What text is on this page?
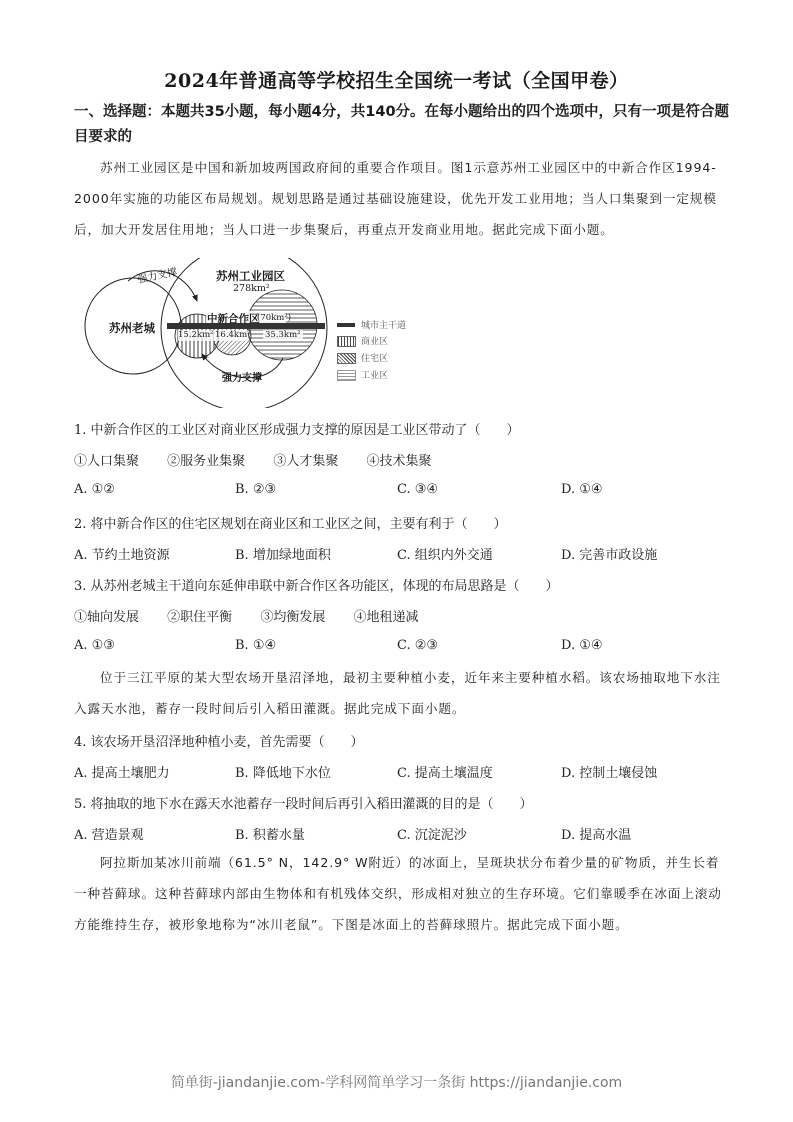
2024年普通高等学校招生全国统一考试（全国甲卷）
一、选择题：本题共35小题，每小题4分，共140分。在每小题给出的四个选项中，只有一项是符合题目要求的
苏州工业园区是中国和新加坡两国政府间的重要合作项目。图1示意苏州工业园区中的中新合作区1994-2000年实施的功能区布局规划。规划思路是通过基础设施建设，优先开发工业用地；当人口集聚到一定规模后，加大开发居住用地；当人口进一步集聚后，再重点开发商业用地。据此完成下面小题。
强力支撑
苏州老城
苏州工业园区
278km²
中新合作区
(70km²)
15.2km² 16.4km² 35.3km²
强力支撑
城市主干道
商业区
住宅区
工业区
1. 中新合作区的工业区对商业区形成强力支撑的原因是工业区带动了（　　）
①人口集聚 ②服务业集聚 ③人才集聚 ④技术集聚
A. ①②	B. ②③	C. ③④	D. ①④
2. 将中新合作区的住宅区规划在商业区和工业区之间，主要有利于（　　）
A. 节约土地资源	B. 增加绿地面积	C. 组织内外交通	D. 完善市政设施
3. 从苏州老城主干道向东延伸串联中新合作区各功能区，体现的布局思路是（　　）
①轴向发展 ②职住平衡 ③均衡发展 ④地租递减
A. ①③	B. ①④	C. ②③	D. ①④
位于三江平原的某大型农场开垦沼泽地，最初主要种植小麦，近年来主要种植水稻。该农场抽取地下水注入露天水池，蓄存一段时间后引入稻田灌溉。据此完成下面小题。
4. 该农场开垦沼泽地种植小麦，首先需要（　　）
A. 提高土壤肥力	B. 降低地下水位	C. 提高土壤温度	D. 控制土壤侵蚀
5. 将抽取的地下水在露天水池蓄存一段时间后再引入稻田灌溉的目的是（　　）
A. 营造景观	B. 积蓄水量	C. 沉淀泥沙	D. 提高水温
阿拉斯加某冰川前端（61.5° N，142.9° W附近）的冰面上，呈斑块状分布着少量的矿物质，并生长着一种苔藓球。这种苔藓球内部由生物体和有机残体交织，形成相对独立的生存环境。它们靠暖季在冰面上滚动方能维持生存，被形象地称为“冰川老鼠”。下图是冰面上的苔藓球照片。据此完成下面小题。
简单街-jiandanjie.com-学科网简单学习一条街 https://jiandanjie.com
